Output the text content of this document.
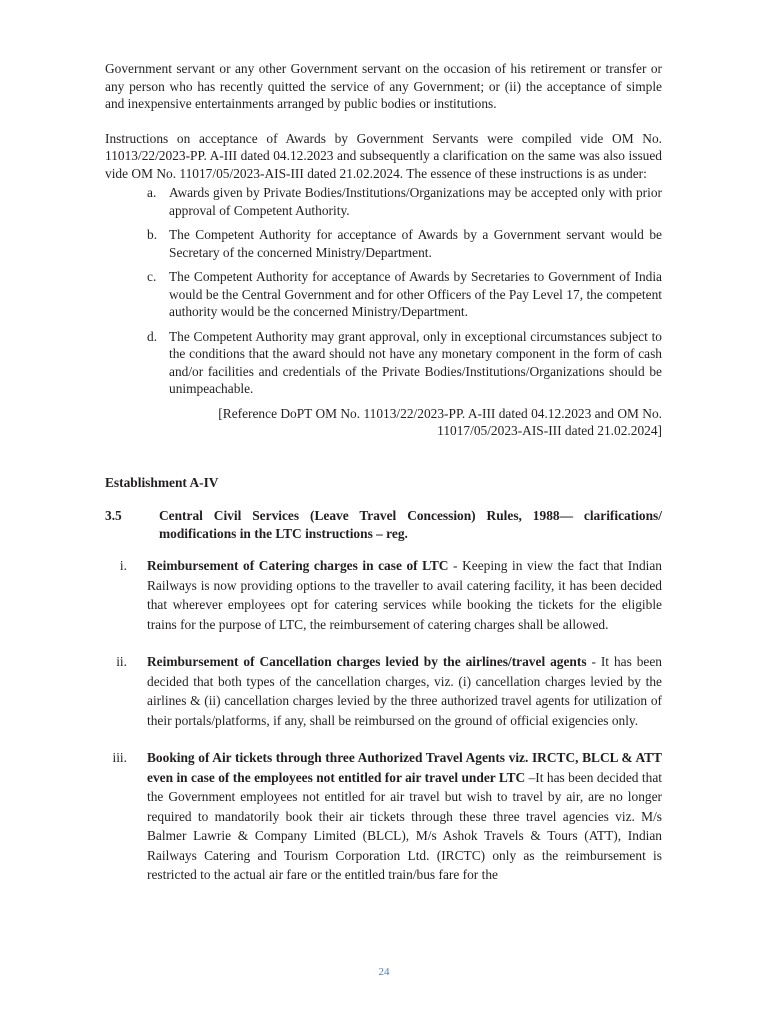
Government servant or any other Government servant on the occasion of his retirement or transfer or any person who has recently quitted the service of any Government; or (ii) the acceptance of simple and inexpensive entertainments arranged by public bodies or institutions.

Instructions on acceptance of Awards by Government Servants were compiled vide OM No. 11013/22/2023-PP. A-III dated 04.12.2023 and subsequently a clarification on the same was also issued vide OM No. 11017/05/2023-AIS-III dated 21.02.2024. The essence of these instructions is as under:

a. Awards given by Private Bodies/Institutions/Organizations may be accepted only with prior approval of Competent Authority.
b. The Competent Authority for acceptance of Awards by a Government servant would be Secretary of the concerned Ministry/Department.
c. The Competent Authority for acceptance of Awards by Secretaries to Government of India would be the Central Government and for other Officers of the Pay Level 17, the competent authority would be the concerned Ministry/Department.
d. The Competent Authority may grant approval, only in exceptional circumstances subject to the conditions that the award should not have any monetary component in the form of cash and/or facilities and credentials of the Private Bodies/Institutions/Organizations should be unimpeachable.
[Reference DoPT OM No. 11013/22/2023-PP. A-III dated 04.12.2023 and OM No.
11017/05/2023-AIS-III dated 21.02.2024]

Establishment A-IV

3.5	Central Civil Services (Leave Travel Concession) Rules, 1988— clarifications/ modifications in the LTC instructions – reg.
i. Reimbursement of Catering charges in case of LTC - Keeping in view the fact that Indian Railways is now providing options to the traveller to avail catering facility, it has been decided that wherever employees opt for catering services while booking the tickets for the eligible trains for the purpose of LTC, the reimbursement of catering charges shall be allowed.
ii. Reimbursement of Cancellation charges levied by the airlines/travel agents - It has been decided that both types of the cancellation charges, viz. (i) cancellation charges levied by the airlines & (ii) cancellation charges levied by the three authorized travel agents for utilization of their portals/platforms, if any, shall be reimbursed on the ground of official exigencies only.
iii. Booking of Air tickets through three Authorized Travel Agents viz. IRCTC, BLCL & ATT even in case of the employees not entitled for air travel under LTC –It has been decided that the Government employees not entitled for air travel but wish to travel by air, are no longer required to mandatorily book their air tickets through these three travel agencies viz. M/s Balmer Lawrie & Company Limited (BLCL), M/s Ashok Travels & Tours (ATT), Indian Railways Catering and Tourism Corporation Ltd. (IRCTC) only as the reimbursement is restricted to the actual air fare or the entitled train/bus fare for the
24
